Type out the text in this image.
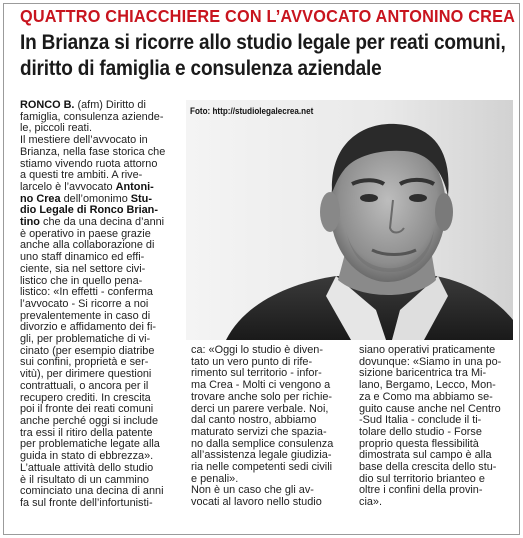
QUATTRO CHIACCHIERE CON L’AVVOCATO ANTONINO CREA
In Brianza si ricorre allo studio legale per reati comuni,
diritto di famiglia e consulenza aziendale
RONCO B. (afm) Diritto di
famiglia, consulenza aziende-
le, piccoli reati.
Il mestiere dell’avvocato in
Brianza, nella fase storica che
stiamo vivendo ruota attorno
a questi tre ambiti. A rive-
larcelo è l’avvocato Antoni-
no Crea dell’omonimo Stu-
dio Legale di Ronco Brian-
tino che da una decina d’anni
è operativo in paese grazie
anche alla collaborazione di
uno staff dinamico ed effi-
ciente, sia nel settore civi-
listico che in quello pena-
listico: «In effetti - conferma
l’avvocato - Si ricorre a noi
prevalentemente in caso di
divorzio e affidamento dei fi-
gli, per problematiche di vi-
cinato (per esempio diatribe
sui confini, proprietà e ser-
vitù), per dirimere questioni
contrattuali, o ancora per il
recupero crediti. In crescita
poi il fronte dei reati comuni
anche perché oggi si include
tra essi il ritiro della patente
per problematiche legate alla
guida in stato di ebbrezza».
L’attuale attività dello studio
è il risultato di un cammino
cominciato una decina di anni
fa sul fronte dell’infortunisti-
Foto: http://studiolegalecrea.net
ca: «Oggi lo studio è diven-
tato un vero punto di rife-
rimento sul territorio - infor-
ma Crea - Molti ci vengono a
trovare anche solo per richie-
derci un parere verbale. Noi,
dal canto nostro, abbiamo
maturato servizi che spazia-
no dalla semplice consulenza
all’assistenza legale giudizia-
ria nelle competenti sedi civili
e penali».
Non è un caso che gli av-
vocati al lavoro nello studio
siano operativi praticamente
dovunque: «Siamo in una po-
sizione baricentrica tra Mi-
lano, Bergamo, Lecco, Mon-
za e Como ma abbiamo se-
guito cause anche nel Centro
-Sud Italia - conclude il ti-
tolare dello studio - Forse
proprio questa flessibilità
dimostrata sul campo è alla
base della crescita dello stu-
dio sul territorio brianteo e
oltre i confini della provin-
cia».
